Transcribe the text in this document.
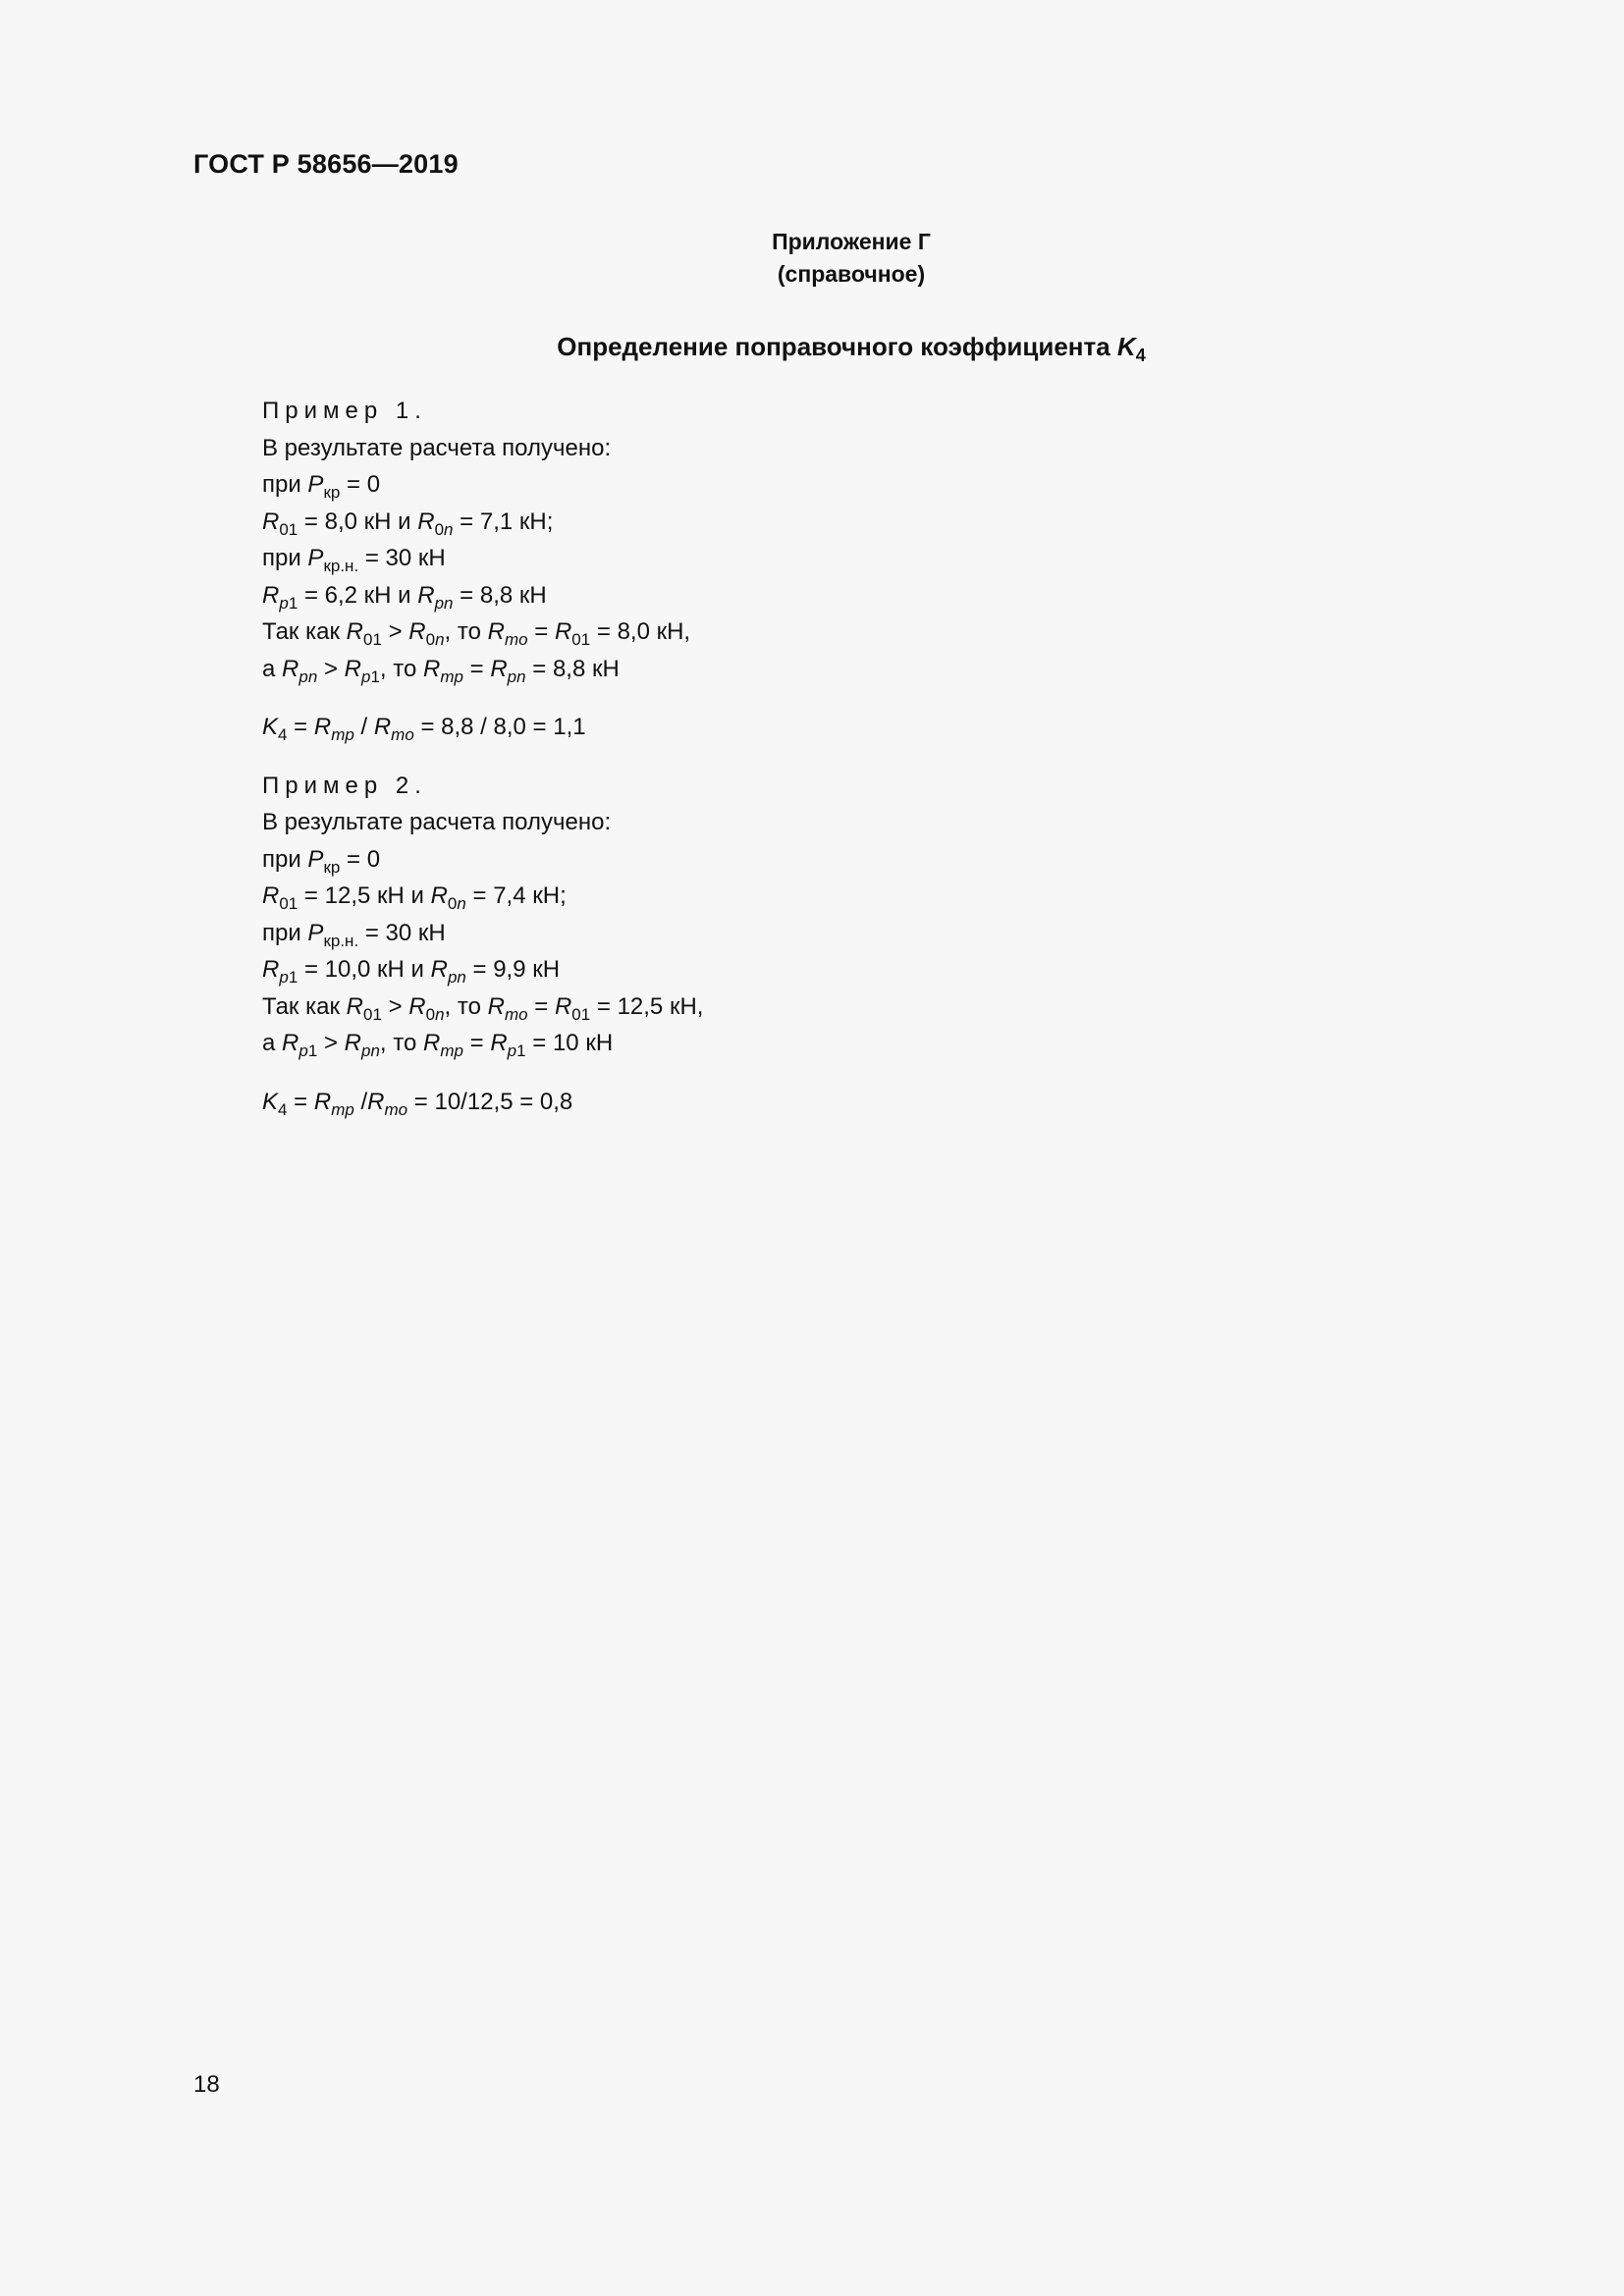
ГОСТ Р 58656—2019
Приложение Г
(справочное)
Определение поправочного коэффициента $K_4$
Пример 1.
В результате расчета получено:
при $P_{кр} = 0$
$R_{01} = 8,0$ кН и $R_{0n} = 7,1$ кН;
при $P_{кр.н.} = 30$ кН
$R_{p1} = 6,2$ кН и $R_{pn} = 8,8$ кН
Так как $R_{01} > R_{0n}$, то $R_{mo} = R_{01} = 8,0$ кН,
а $R_{pn} > R_{p1}$, то $R_{mp} = R_{pn} = 8,8$ кН
$K_4 = R_{mp} / R_{mo} = 8,8 / 8,0 = 1,1$
Пример 2.
В результате расчета получено:
при $P_{кр} = 0$
$R_{01} = 12,5$ кН и $R_{0n} = 7,4$ кН;
при $P_{кр.н.} = 30$ кН
$R_{p1} = 10,0$ кН и $R_{pn} = 9,9$ кН
Так как $R_{01} > R_{0n}$, то $R_{mo} = R_{01} = 12,5$ кН,
а $R_{p1} > R_{pn}$, то $R_{mp} = R_{p1} = 10$ кН
$K_4 = R_{mp}$ $/R_{mo} = 10/12,5 = 0,8$
18
